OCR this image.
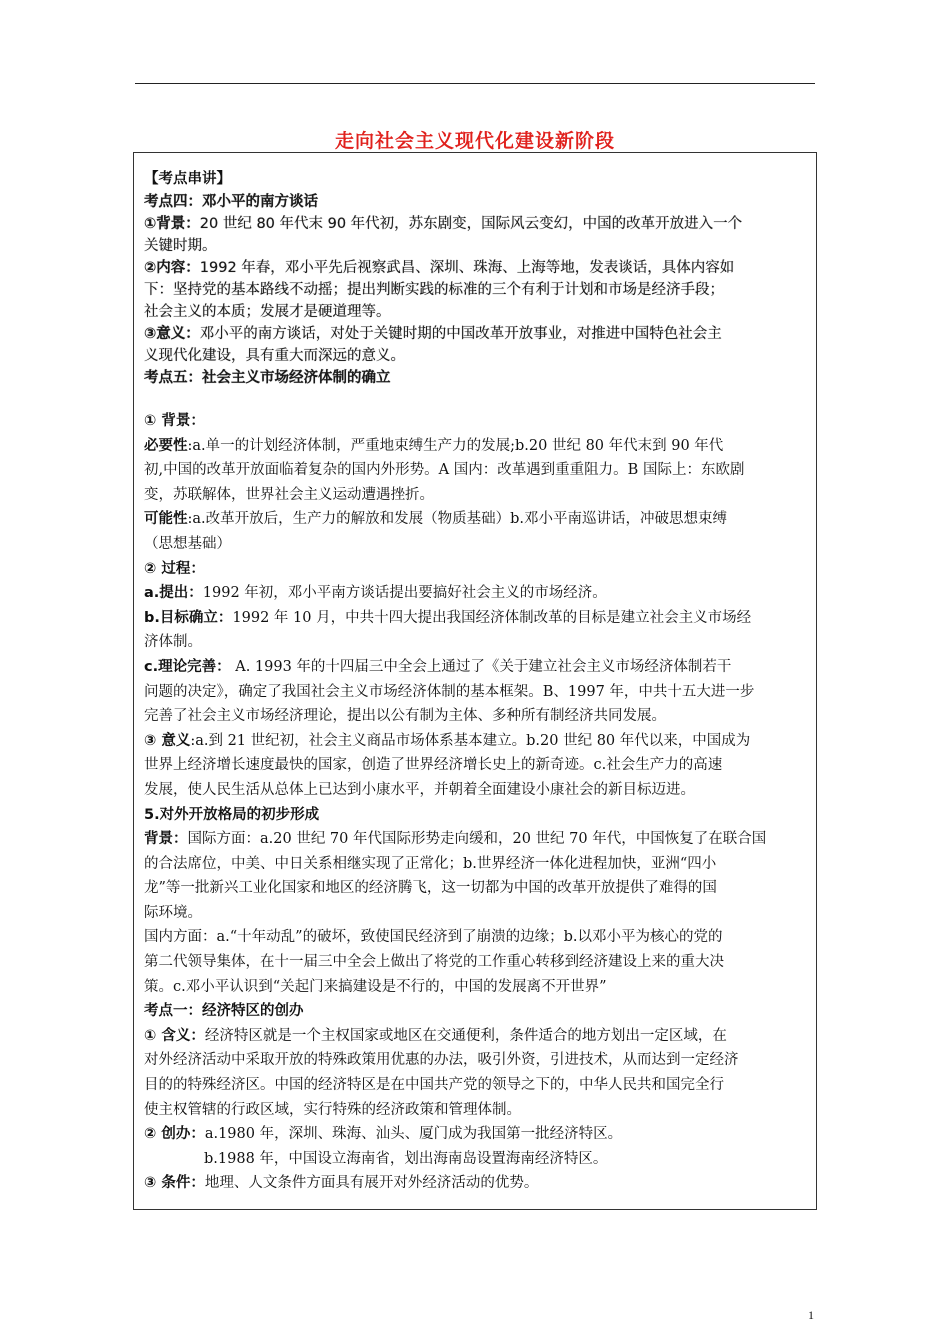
走向社会主义现代化建设新阶段
【考点串讲】
考点四：邓小平的南方谈话
①背景：20 世纪 80 年代末 90 年代初，苏东剧变，国际风云变幻，中国的改革开放进入一个
关键时期。
②内容：1992 年春，邓小平先后视察武昌、深圳、珠海、上海等地，发表谈话，具体内容如
下：坚持党的基本路线不动摇；提出判断实践的标准的三个有利于计划和市场是经济手段；
社会主义的本质；发展才是硬道理等。
③意义：邓小平的南方谈话，对处于关键时期的中国改革开放事业，对推进中国特色社会主
义现代化建设，具有重大而深远的意义。
考点五：社会主义市场经济体制的确立
① 背景：
必要性:a.单一的计划经济体制，严重地束缚生产力的发展;b.20 世纪 80 年代末到 90 年代
初,中国的改革开放面临着复杂的国内外形势。A 国内：改革遇到重重阻力。B 国际上：东欧剧
变，苏联解体，世界社会主义运动遭遇挫折。
可能性:a.改革开放后，生产力的解放和发展（物质基础）b.邓小平南巡讲话，冲破思想束缚
（思想基础）
② 过程：
a.提出：1992 年初，邓小平南方谈话提出要搞好社会主义的市场经济。
b.目标确立：1992 年 10 月，中共十四大提出我国经济体制改革的目标是建立社会主义市场经
济体制。
c.理论完善： A. 1993 年的十四届三中全会上通过了《关于建立社会主义市场经济体制若干
问题的决定》，确定了我国社会主义市场经济体制的基本框架。B、1997 年，中共十五大进一步
完善了社会主义市场经济理论，提出以公有制为主体、多种所有制经济共同发展。
③ 意义:a.到 21 世纪初，社会主义商品市场体系基本建立。b.20 世纪 80 年代以来，中国成为
世界上经济增长速度最快的国家，创造了世界经济增长史上的新奇迹。c.社会生产力的高速
发展，使人民生活从总体上已达到小康水平，并朝着全面建设小康社会的新目标迈进。
5.对外开放格局的初步形成
背景：国际方面：a.20 世纪 70 年代国际形势走向缓和，20 世纪 70 年代，中国恢复了在联合国
的合法席位，中美、中日关系相继实现了正常化；b.世界经济一体化进程加快，亚洲“四小
龙”等一批新兴工业化国家和地区的经济腾飞，这一切都为中国的改革开放提供了难得的国
际环境。
国内方面：a.“十年动乱”的破坏，致使国民经济到了崩溃的边缘；b.以邓小平为核心的党的
第二代领导集体，在十一届三中全会上做出了将党的工作重心转移到经济建设上来的重大决
策。c.邓小平认识到“关起门来搞建设是不行的，中国的发展离不开世界”
考点一：经济特区的创办
① 含义：经济特区就是一个主权国家或地区在交通便利，条件适合的地方划出一定区域，在
对外经济活动中采取开放的特殊政策用优惠的办法，吸引外资，引进技术，从而达到一定经济
目的的特殊经济区。中国的经济特区是在中国共产党的领导之下的，中华人民共和国完全行
使主权管辖的行政区域，实行特殊的经济政策和管理体制。
② 创办：a.1980 年，深圳、珠海、汕头、厦门成为我国第一批经济特区。
b.1988 年，中国设立海南省，划出海南岛设置海南经济特区。
③ 条件：地理、人文条件方面具有展开对外经济活动的优势。
1
